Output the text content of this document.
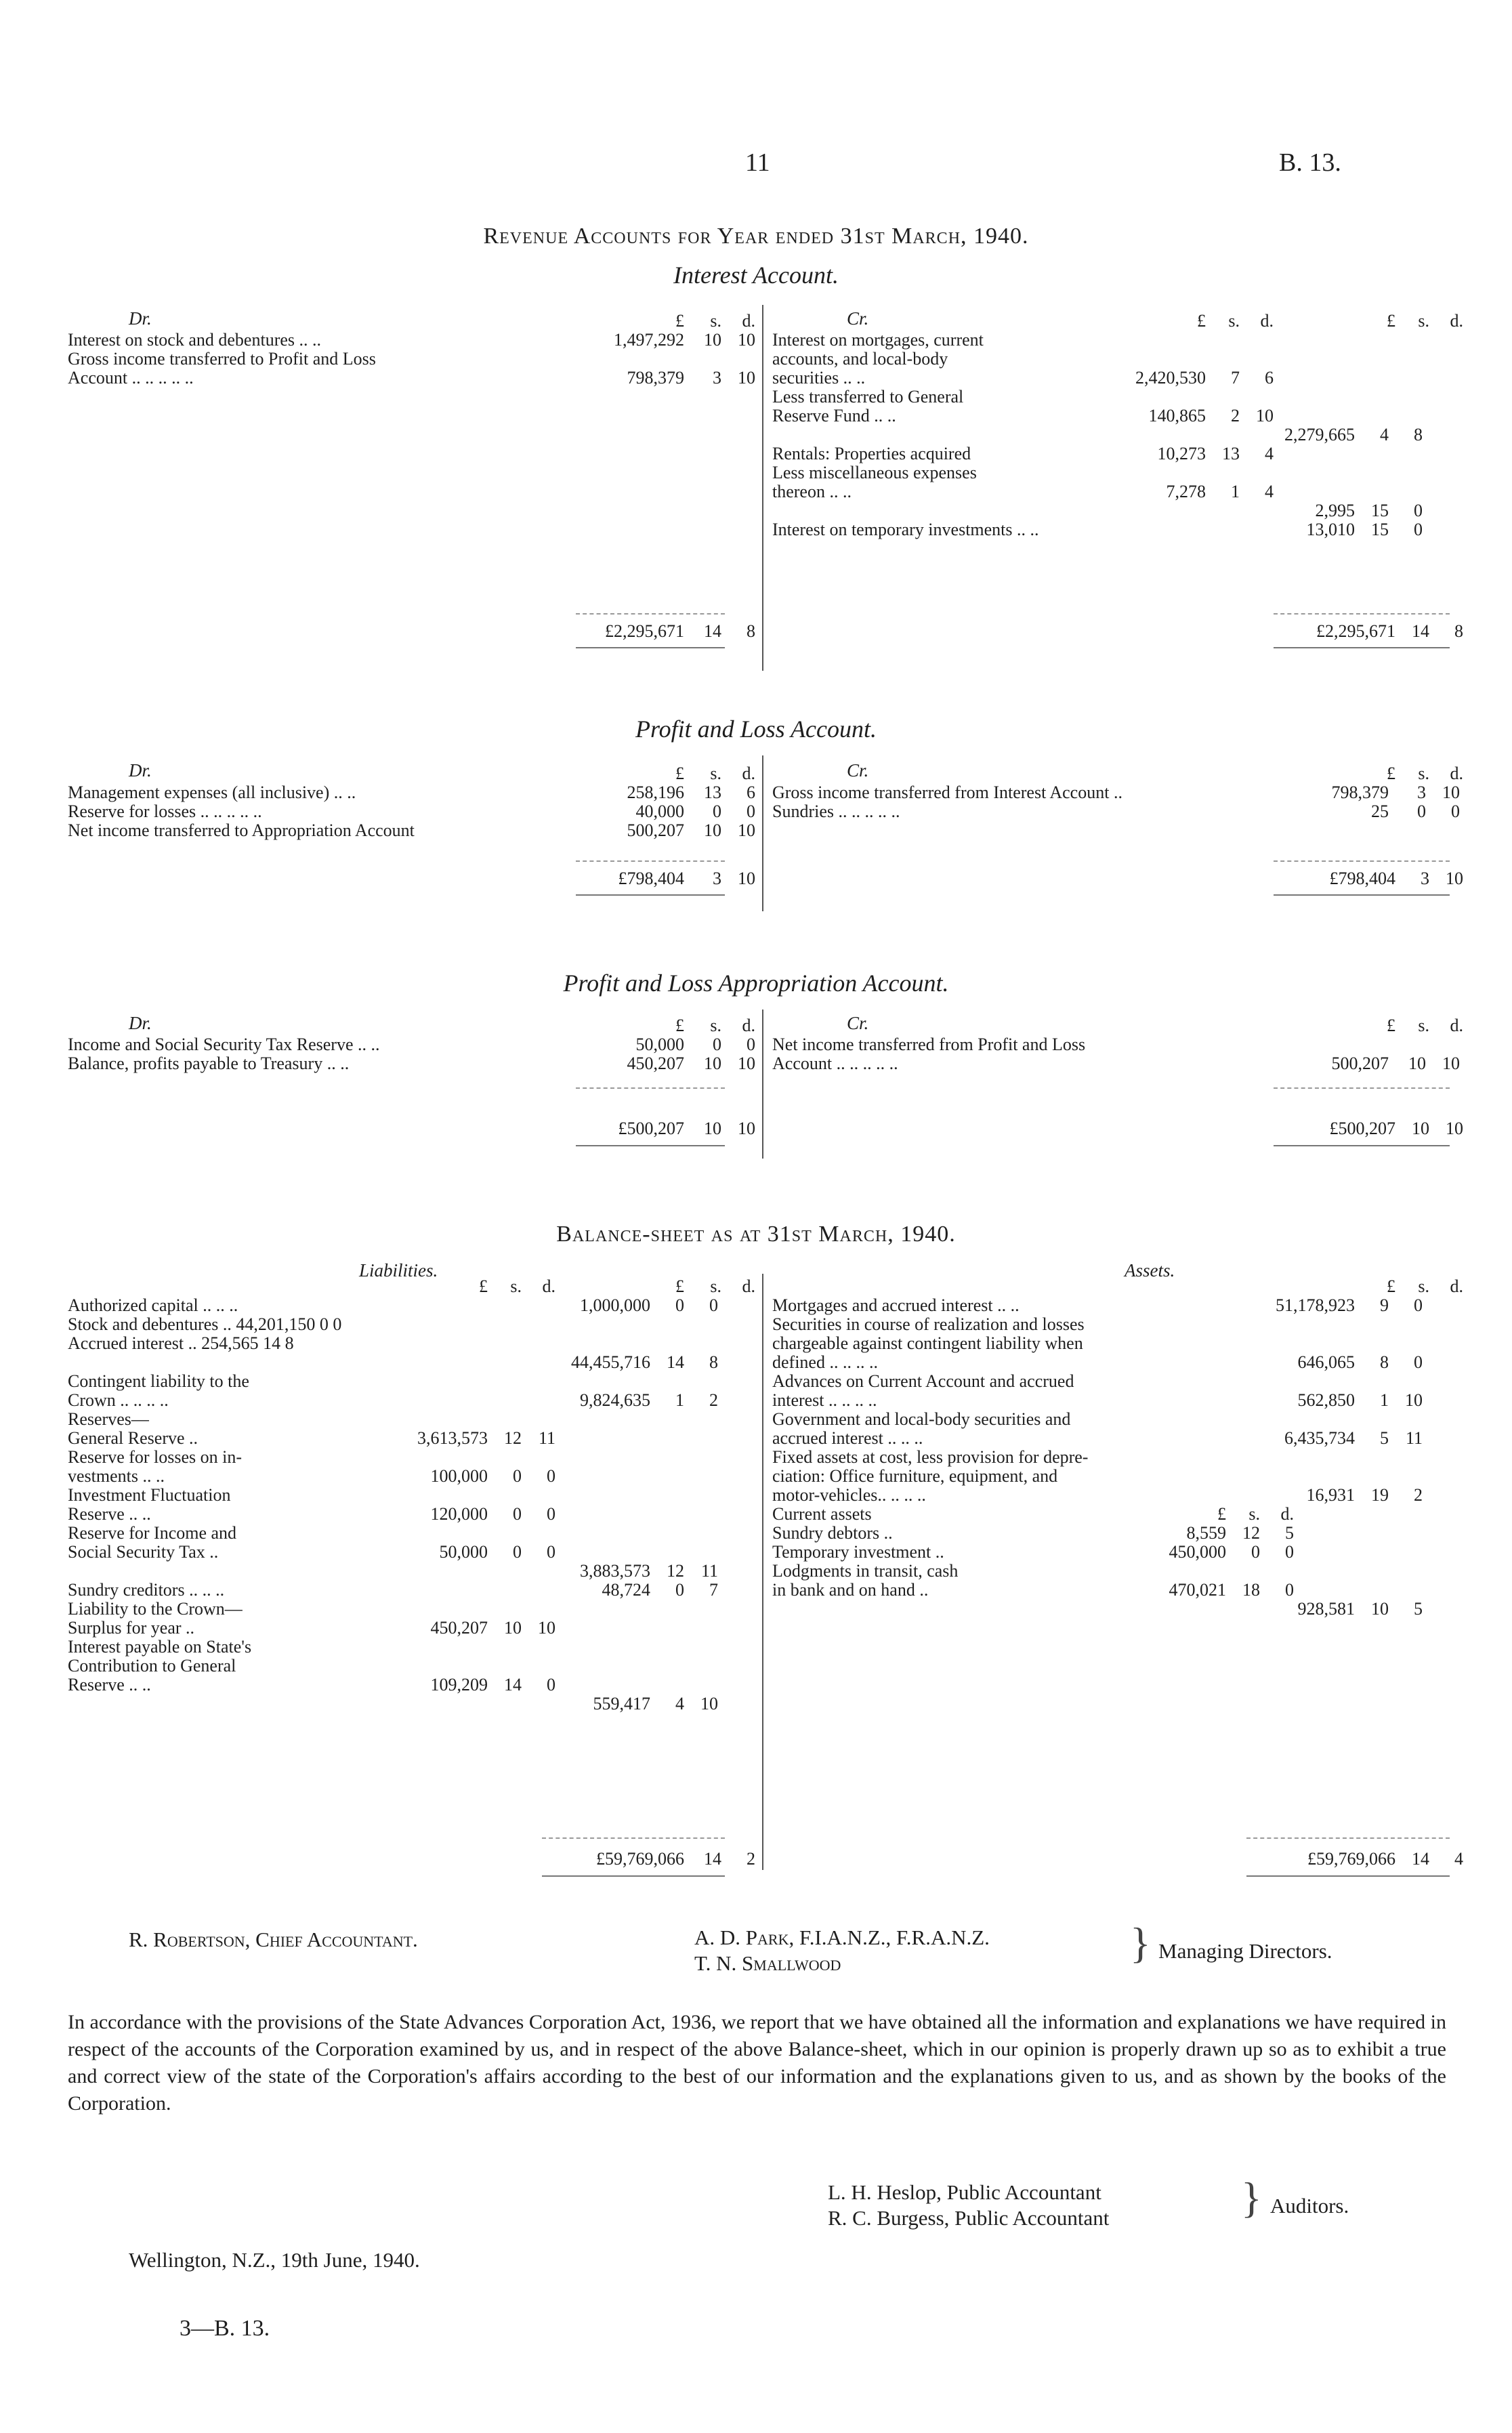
11	B. 13.
Revenue Accounts for Year ended 31st March, 1940.
Interest Account.
Dr.	Cr.
£	s.	d.
Interest on stock and debentures .. ..	1,497,292	10 10
Gross income transferred to Profit and Loss
Account .. .. .. .. ..	798,379	3 10
£2,295,671	14	8
£	s.	d.	£	s.	d.
Interest on mortgages, current
accounts, and local-body
securities .. ..	2,420,530	7	6
Less transferred to General
Reserve Fund .. ..	140,865	2 10
2,279,665	4	8
Rentals: Properties acquired	10,273 13	4
Less miscellaneous expenses
thereon .. ..	7,278	1	4
2,995 15	0
Interest on temporary investments .. ..	13,010 15	0
£2,295,671 14	8
Profit and Loss Account.
Dr.	Cr.
£	s.	d.
Management expenses (all inclusive) .. ..	258,196	13	6
Reserve for losses .. .. .. .. ..	40,000	0	0
Net income transferred to Appropriation Account	500,207	10 10
£798,404	3 10
£	s.	d.
Gross income transferred from Interest Account ..	798,379	3 10
Sundries .. .. .. .. ..	25	0	0
£798,404	3 10
Profit and Loss Appropriation Account.
Dr.	Cr.
£	s.	d.
Income and Social Security Tax Reserve .. ..	50,000	0	0
Balance, profits payable to Treasury .. ..	450,207	10 10
£500,207	10 10
£	s.	d.
Net income transferred from Profit and Loss
Account .. .. .. .. ..	500,207	10 10
£500,207 10 10
Balance-sheet as at 31st March, 1940.
Liabilities.	Assets.
£	s.	d.	£	s.	d.
Authorized capital .. .. ..	1,000,000	0	0
Stock and debentures .. 44,201,150 0 0
Accrued interest .. 254,565 14 8
44,455,716 14	8
Contingent liability to the
Crown .. .. .. ..	9,824,635	1	2
Reserves—
General Reserve ..	3,613,573 12 11
Reserve for losses on in-
vestments .. ..	100,000	0	0
Investment Fluctuation
Reserve .. ..	120,000	0	0
Reserve for Income and
Social Security Tax ..	50,000	0	0
3,883,573 12 11
Sundry creditors .. .. ..	48,724	0	7
Liability to the Crown—
Surplus for year ..	450,207 10 10
Interest payable on State's
Contribution to General
Reserve .. ..	109,209 14	0
559,417	4 10
£59,769,066	14	2
£	s.	d.
Mortgages and accrued interest .. ..	51,178,923	9	0
Securities in course of realization and losses
chargeable against contingent liability when
defined .. .. .. ..	646,065	8	0
Advances on Current Account and accrued
interest .. .. .. ..	562,850	1 10
Government and local-body securities and
accrued interest .. .. ..	6,435,734	5 11
Fixed assets at cost, less provision for depre-
ciation: Office furniture, equipment, and
motor-vehicles.. .. .. ..	16,931 19	2
Current assets	£	s.	d.
Sundry debtors ..	8,559 12	5
Temporary investment ..	450,000	0	0
Lodgments in transit, cash
in bank and on hand ..	470,021 18	0
928,581 10	5
£59,769,066 14	4
R. Robertson, Chief Accountant.	A. D. Park, F.I.A.N.Z., F.R.A.N.Z.
T. N. Smallwood	} Managing Directors.
In accordance with the provisions of the State Advances Corporation Act, 1936, we report that we have obtained all the information and explanations we have required in respect of the accounts of the Corporation examined by us, and in respect of the above Balance-sheet, which in our opinion is properly drawn up so as to exhibit a true and correct view of the state of the Corporation's affairs according to the best of our information and the explanations given to us, and as shown by the books of the Corporation.
L. H. Heslop, Public Accountant
R. C. Burgess, Public Accountant	} Auditors.
Wellington, N.Z., 19th June, 1940.
3—B. 13.
